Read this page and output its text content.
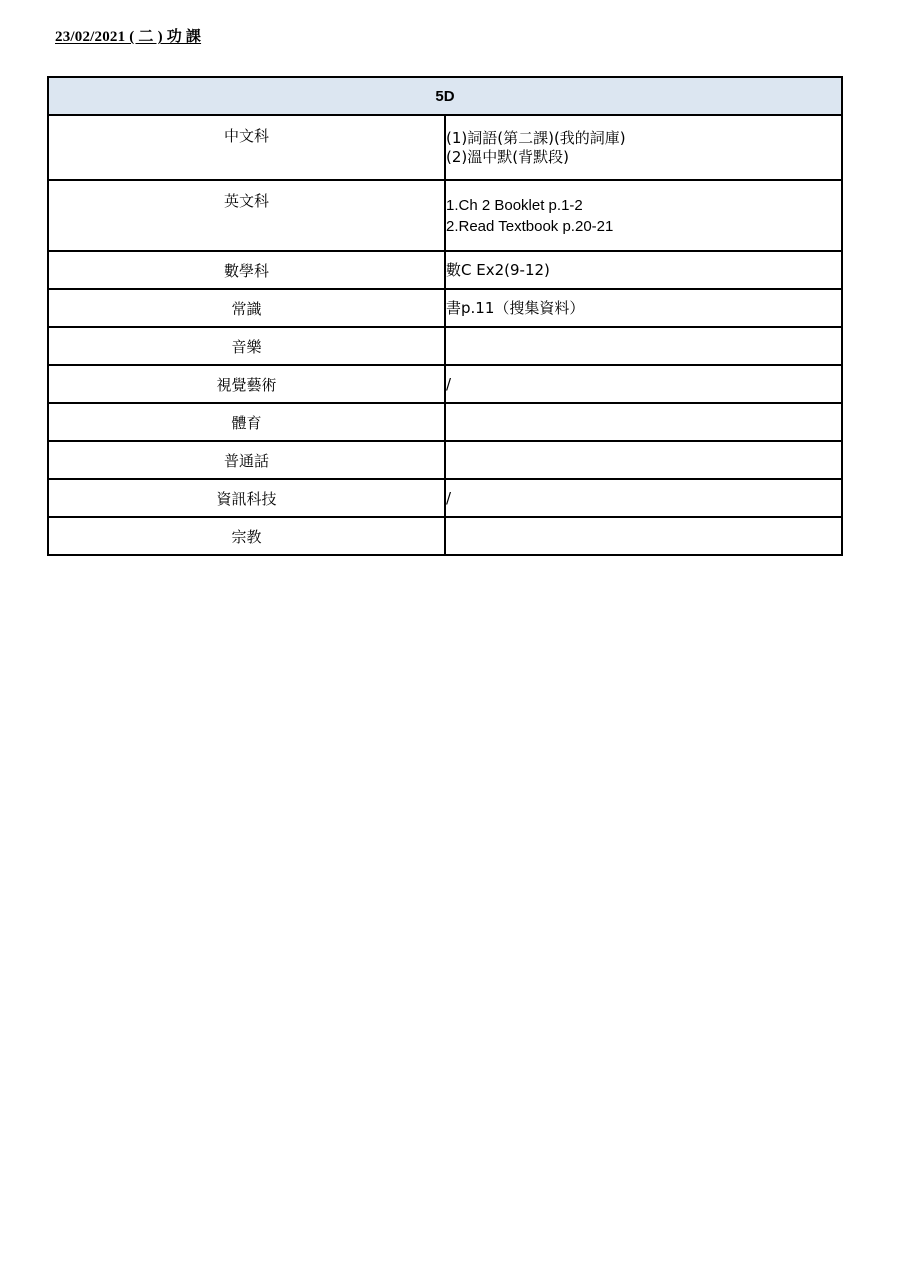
23/02/2021 ( 二 ) 功 課
5D	
中文科	(1)詞語(第二課)(我的詞庫)
(2)溫中默(背默段)

英文科	1.Ch 2 Booklet p.1-2
2.Read Textbook p.20-21

數學科	數C Ex2(9-12)

常識	書p.11（搜集資料）

音樂	

視覺藝術	/

體育	

普通話	

資訊科技	/

宗教	
